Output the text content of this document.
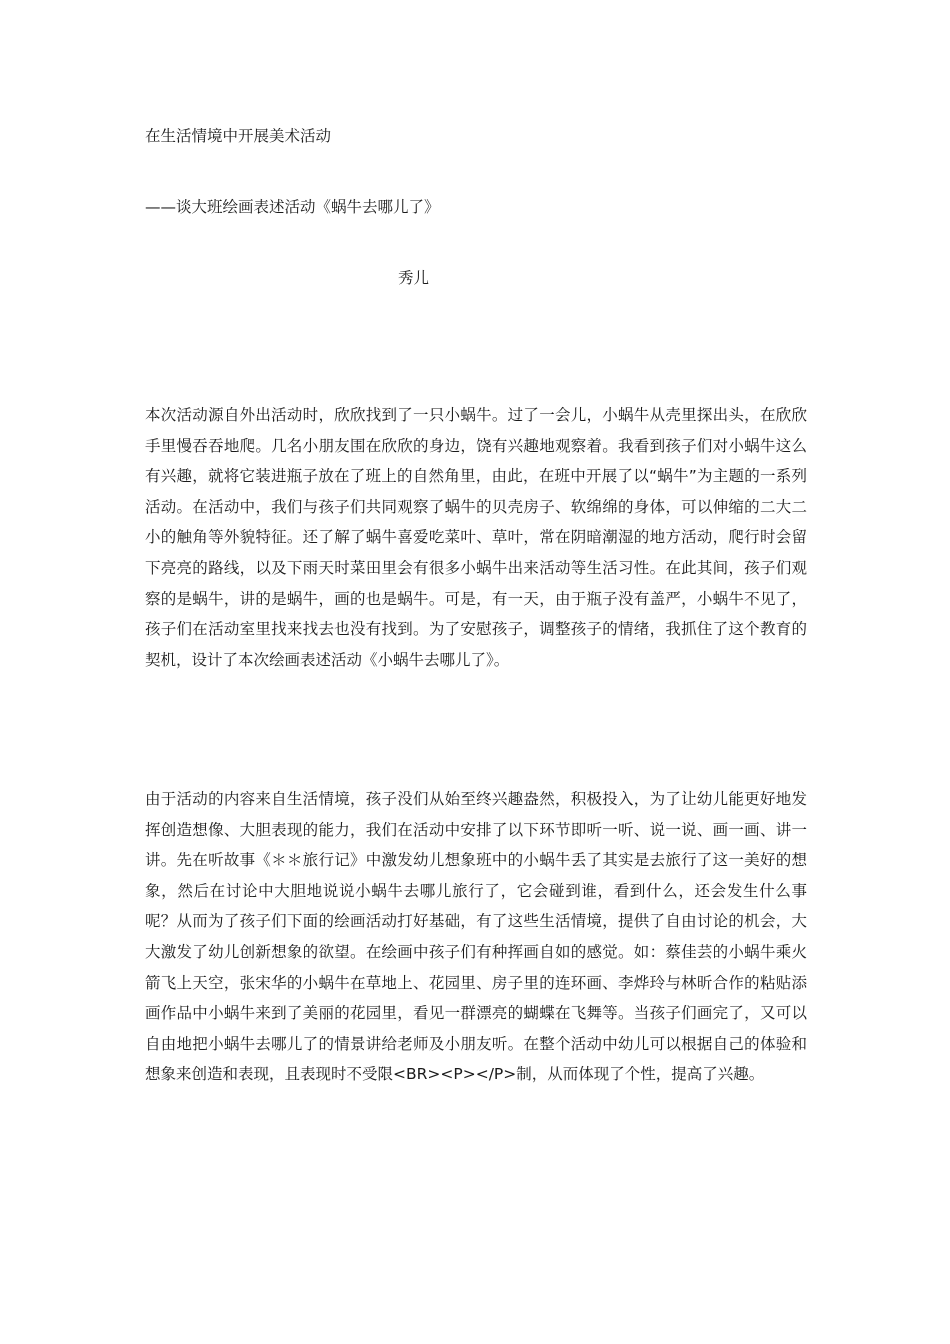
在生活情境中开展美术活动
——谈大班绘画表述活动《蜗牛去哪儿了》
秀儿
本次活动源自外出活动时，欣欣找到了一只小蜗牛。过了一会儿，小蜗牛从壳里探出头，在欣欣手里慢吞吞地爬。几名小朋友围在欣欣的身边，饶有兴趣地观察着。我看到孩子们对小蜗牛这么有兴趣，就将它装进瓶子放在了班上的自然角里，由此，在班中开展了以“蜗牛”为主题的一系列活动。在活动中，我们与孩子们共同观察了蜗牛的贝壳房子、软绵绵的身体，可以伸缩的二大二小的触角等外貌特征。还了解了蜗牛喜爱吃菜叶、草叶，常在阴暗潮湿的地方活动，爬行时会留下亮亮的路线，以及下雨天时菜田里会有很多小蜗牛出来活动等生活习性。在此其间，孩子们观察的是蜗牛，讲的是蜗牛，画的也是蜗牛。可是，有一天，由于瓶子没有盖严，小蜗牛不见了，孩子们在活动室里找来找去也没有找到。为了安慰孩子，调整孩子的情绪，我抓住了这个教育的契机，设计了本次绘画表述活动《小蜗牛去哪儿了》。
由于活动的内容来自生活情境，孩子没们从始至终兴趣盎然，积极投入，为了让幼儿能更好地发挥创造想像、大胆表现的能力，我们在活动中安排了以下环节即听一听、说一说、画一画、讲一讲。先在听故事《＊＊旅行记》中激发幼儿想象班中的小蜗牛丢了其实是去旅行了这一美好的想象，然后在讨论中大胆地说说小蜗牛去哪儿旅行了，它会碰到谁，看到什么，还会发生什么事呢？从而为了孩子们下面的绘画活动打好基础，有了这些生活情境，提供了自由讨论的机会，大大激发了幼儿创新想象的欲望。在绘画中孩子们有种挥画自如的感觉。如：蔡佳芸的小蜗牛乘火箭飞上天空，张宋华的小蜗牛在草地上、花园里、房子里的连环画、李烨玲与林昕合作的粘贴添画作品中小蜗牛来到了美丽的花园里，看见一群漂亮的蝴蝶在飞舞等。当孩子们画完了，又可以自由地把小蜗牛去哪儿了的情景讲给老师及小朋友听。在整个活动中幼儿可以根据自己的体验和想象来创造和表现，且表现时不受限<BR><P></P>制，从而体现了个性，提高了兴趣。
